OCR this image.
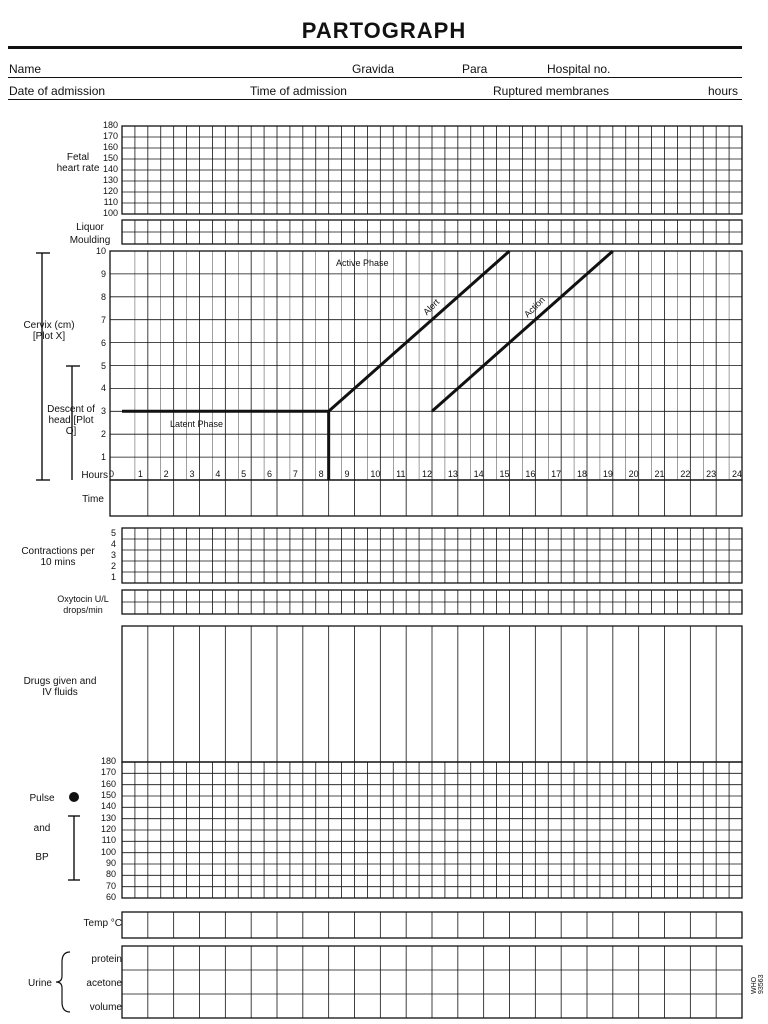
PARTOGRAPH
Name	Gravida	Para	Hospital no.
Date of admission	Time of admission	Ruptured membranes	hours
Fetal heart rate
Liquor
Moulding
Cervix (cm) [Plot X]
Descent of head [Plot O]
Hours
Time
Contractions per 10 mins
Oxytocin U/L drops/min
Drugs given and IV fluids
Pulse
and
BP
Temp °C
Urine
protein
acetone
volume
WHO 93563
Active Phase
Latent Phase
Alert	Action
180
170
160
150
140
130
120
110
100
10
9
8
7
6
5
4
3
2
1
0	1 2 3 4 5 6 7 8 9 10 11 12 13 14 15 16 17 18 19 20 21 22 23 24
5
4
3
2
1
180
170
160
150
140
130
120
110
100
90
80
70
60
